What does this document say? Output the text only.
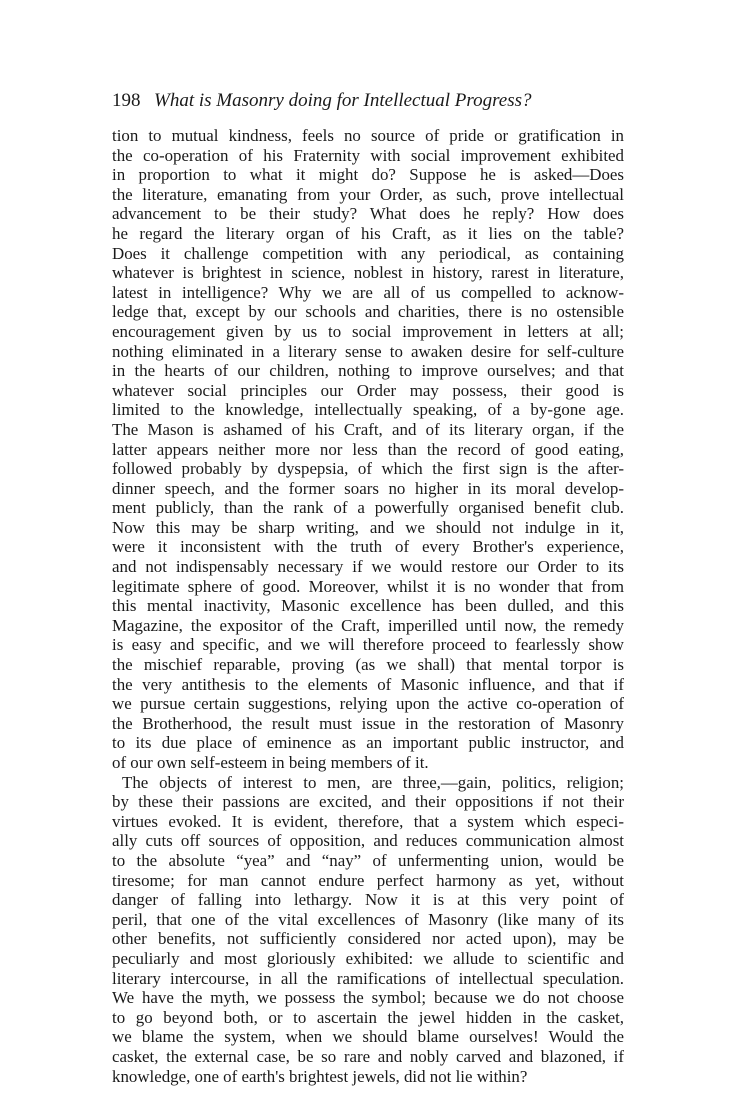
198 What is Masonry doing for Intellectual Progress?
tion to mutual kindness, feels no source of pride or gratification in
the co-operation of his Fraternity with social improvement exhibited
in proportion to what it might do? Suppose he is asked—Does
the literature, emanating from your Order, as such, prove intellectual
advancement to be their study? What does he reply? How does
he regard the literary organ of his Craft, as it lies on the table?
Does it challenge competition with any periodical, as containing
whatever is brightest in science, noblest in history, rarest in literature,
latest in intelligence? Why we are all of us compelled to acknow-
ledge that, except by our schools and charities, there is no ostensible
encouragement given by us to social improvement in letters at all;
nothing eliminated in a literary sense to awaken desire for self-culture
in the hearts of our children, nothing to improve ourselves; and that
whatever social principles our Order may possess, their good is
limited to the knowledge, intellectually speaking, of a by-gone age.
The Mason is ashamed of his Craft, and of its literary organ, if the
latter appears neither more nor less than the record of good eating,
followed probably by dyspepsia, of which the first sign is the after-
dinner speech, and the former soars no higher in its moral develop-
ment publicly, than the rank of a powerfully organised benefit club.
Now this may be sharp writing, and we should not indulge in it,
were it inconsistent with the truth of every Brother's experience,
and not indispensably necessary if we would restore our Order to its
legitimate sphere of good. Moreover, whilst it is no wonder that from
this mental inactivity, Masonic excellence has been dulled, and this
Magazine, the expositor of the Craft, imperilled until now, the remedy
is easy and specific, and we will therefore proceed to fearlessly show
the mischief reparable, proving (as we shall) that mental torpor is
the very antithesis to the elements of Masonic influence, and that if
we pursue certain suggestions, relying upon the active co-operation of
the Brotherhood, the result must issue in the restoration of Masonry
to its due place of eminence as an important public instructor, and
of our own self-esteem in being members of it.
The objects of interest to men, are three,—gain, politics, religion;
by these their passions are excited, and their oppositions if not their
virtues evoked. It is evident, therefore, that a system which especi-
ally cuts off sources of opposition, and reduces communication almost
to the absolute “yea” and “nay” of unfermenting union, would be
tiresome; for man cannot endure perfect harmony as yet, without
danger of falling into lethargy. Now it is at this very point of
peril, that one of the vital excellences of Masonry (like many of its
other benefits, not sufficiently considered nor acted upon), may be
peculiarly and most gloriously exhibited: we allude to scientific and
literary intercourse, in all the ramifications of intellectual speculation.
We have the myth, we possess the symbol; because we do not choose
to go beyond both, or to ascertain the jewel hidden in the casket,
we blame the system, when we should blame ourselves! Would the
casket, the external case, be so rare and nobly carved and blazoned, if
knowledge, one of earth's brightest jewels, did not lie within?
